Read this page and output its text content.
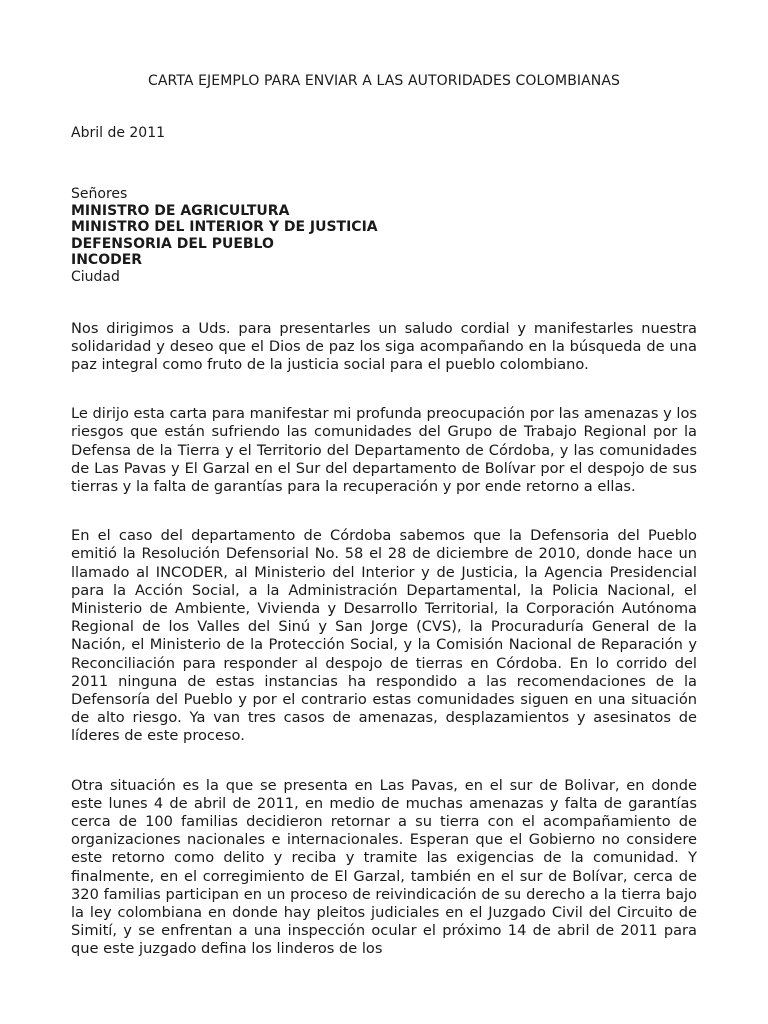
CARTA EJEMPLO PARA ENVIAR A LAS AUTORIDADES COLOMBIANAS
Abril de 2011
Señores
MINISTRO DE AGRICULTURA
MINISTRO DEL INTERIOR Y DE JUSTICIA
DEFENSORIA DEL PUEBLO
INCODER
Ciudad
Nos dirigimos a Uds. para presentarles un saludo cordial y manifestarles nuestra solidaridad y deseo que el Dios de paz los siga acompañando en la búsqueda de una paz integral como fruto de la justicia social para el pueblo colombiano.
Le dirijo esta carta para manifestar mi profunda preocupación por las amenazas y los riesgos que están sufriendo las comunidades del Grupo de Trabajo Regional por la Defensa de la Tierra y el Territorio del Departamento de Córdoba, y las comunidades de Las Pavas y El Garzal en el Sur del departamento de Bolívar por el despojo de sus tierras y la falta de garantías para la recuperación y por ende retorno a ellas.
En el caso del departamento de Córdoba sabemos que la Defensoria del Pueblo emitió la Resolución Defensorial No. 58 el 28 de diciembre de 2010, donde hace un llamado al INCODER, al Ministerio del Interior y de Justicia, la Agencia Presidencial para la Acción Social, a la Administración Departamental, la Policia Nacional, el Ministerio de Ambiente, Vivienda y Desarrollo Territorial, la Corporación Autónoma Regional de los Valles del Sinú y San Jorge (CVS), la Procuraduría General de la Nación, el Ministerio de la Protección Social, y la Comisión Nacional de Reparación y Reconciliación para responder al despojo de tierras en Córdoba. En lo corrido del 2011 ninguna de estas instancias ha respondido a las recomendaciones de la Defensoría del Pueblo y por el contrario estas comunidades siguen en una situación de alto riesgo. Ya van tres casos de amenazas, desplazamientos y asesinatos de líderes de este proceso.
Otra situación es la que se presenta en Las Pavas, en el sur de Bolivar, en donde este lunes 4 de abril de 2011, en medio de muchas amenazas y falta de garantías cerca de 100 familias decidieron retornar a su tierra con el acompañamiento de organizaciones nacionales e internacionales. Esperan que el Gobierno no considere este retorno como delito y reciba y tramite las exigencias de la comunidad. Y finalmente, en el corregimiento de El Garzal, también en el sur de Bolívar, cerca de 320 familias participan en un proceso de reivindicación de su derecho a la tierra bajo la ley colombiana en donde hay pleitos judiciales en el Juzgado Civil del Circuito de Simití, y se enfrentan a una inspección ocular el próximo 14 de abril de 2011 para que este juzgado defina los linderos de los
